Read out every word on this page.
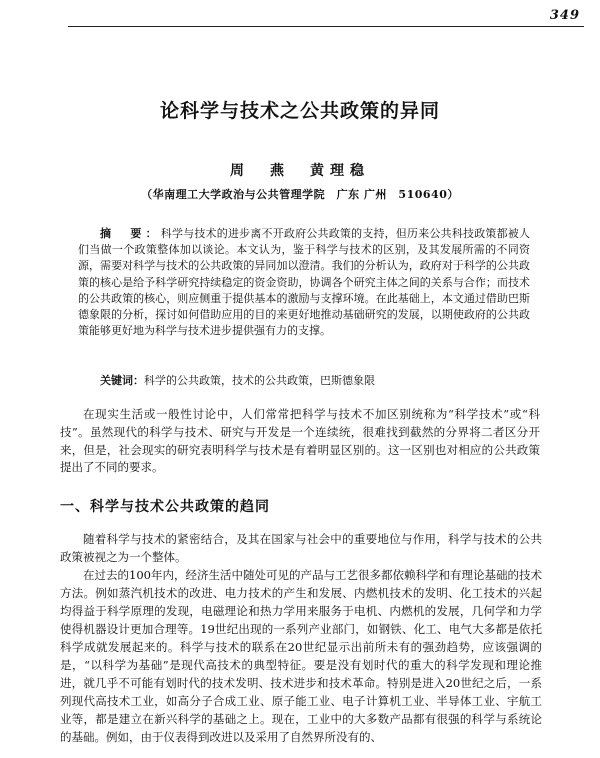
349
论科学与技术之公共政策的异同
周　燕　黄理稳
（华南理工大学政治与公共管理学院　广东 广州　510640）

摘　要：科学与技术的进步离不开政府公共政策的支持，但历来公共科技政策都被人们当做一个政策整体加以谈论。本文认为，鉴于科学与技术的区别，及其发展所需的不同资源，需要对科学与技术的公共政策的异同加以澄清。我们的分析认为，政府对于科学的公共政策的核心是给予科学研究持续稳定的资金资助，协调各个研究主体之间的关系与合作；而技术的公共政策的核心，则应侧重于提供基本的激励与支撑环境。在此基础上，本文通过借助巴斯德象限的分析，探讨如何借助应用的目的来更好地推动基础研究的发展，以期使政府的公共政策能够更好地为科学与技术进步提供强有力的支撑。

关键词：科学的公共政策，技术的公共政策，巴斯德象限

在现实生活或一般性讨论中，人们常常把科学与技术不加区别统称为“科学技术”或“科技”。虽然现代的科学与技术、研究与开发是一个连续统，很难找到截然的分界将二者区分开来，但是，社会现实的研究表明科学与技术是有着明显区别的。这一区别也对相应的公共政策提出了不同的要求。

一、科学与技术公共政策的趋同

随着科学与技术的紧密结合，及其在国家与社会中的重要地位与作用，科学与技术的公共政策被视之为一个整体。

在过去的100年内，经济生活中随处可见的产品与工艺很多都依赖科学和有理论基础的技术方法。例如蒸汽机技术的改进、电力技术的产生和发展、内燃机技术的发明、化工技术的兴起均得益于科学原理的发现，电磁理论和热力学用来服务于电机、内燃机的发展，几何学和力学使得机器设计更加合理等。19世纪出现的一系列产业部门，如钢铁、化工、电气大多都是依托科学成就发展起来的。科学与技术的联系在20世纪显示出前所未有的强劲趋势，应该强调的是，“以科学为基础”是现代高技术的典型特征。要是没有划时代的重大的科学发现和理论推进，就几乎不可能有划时代的技术发明、技术进步和技术革命。特别是进入20世纪之后，一系列现代高技术工业，如高分子合成工业、原子能工业、电子计算机工业、半导体工业、宇航工业等，都是建立在新兴科学的基础之上。现在，工业中的大多数产品都有很强的科学与系统论的基础。例如，由于仪表得到改进以及采用了自然界所没有的、
